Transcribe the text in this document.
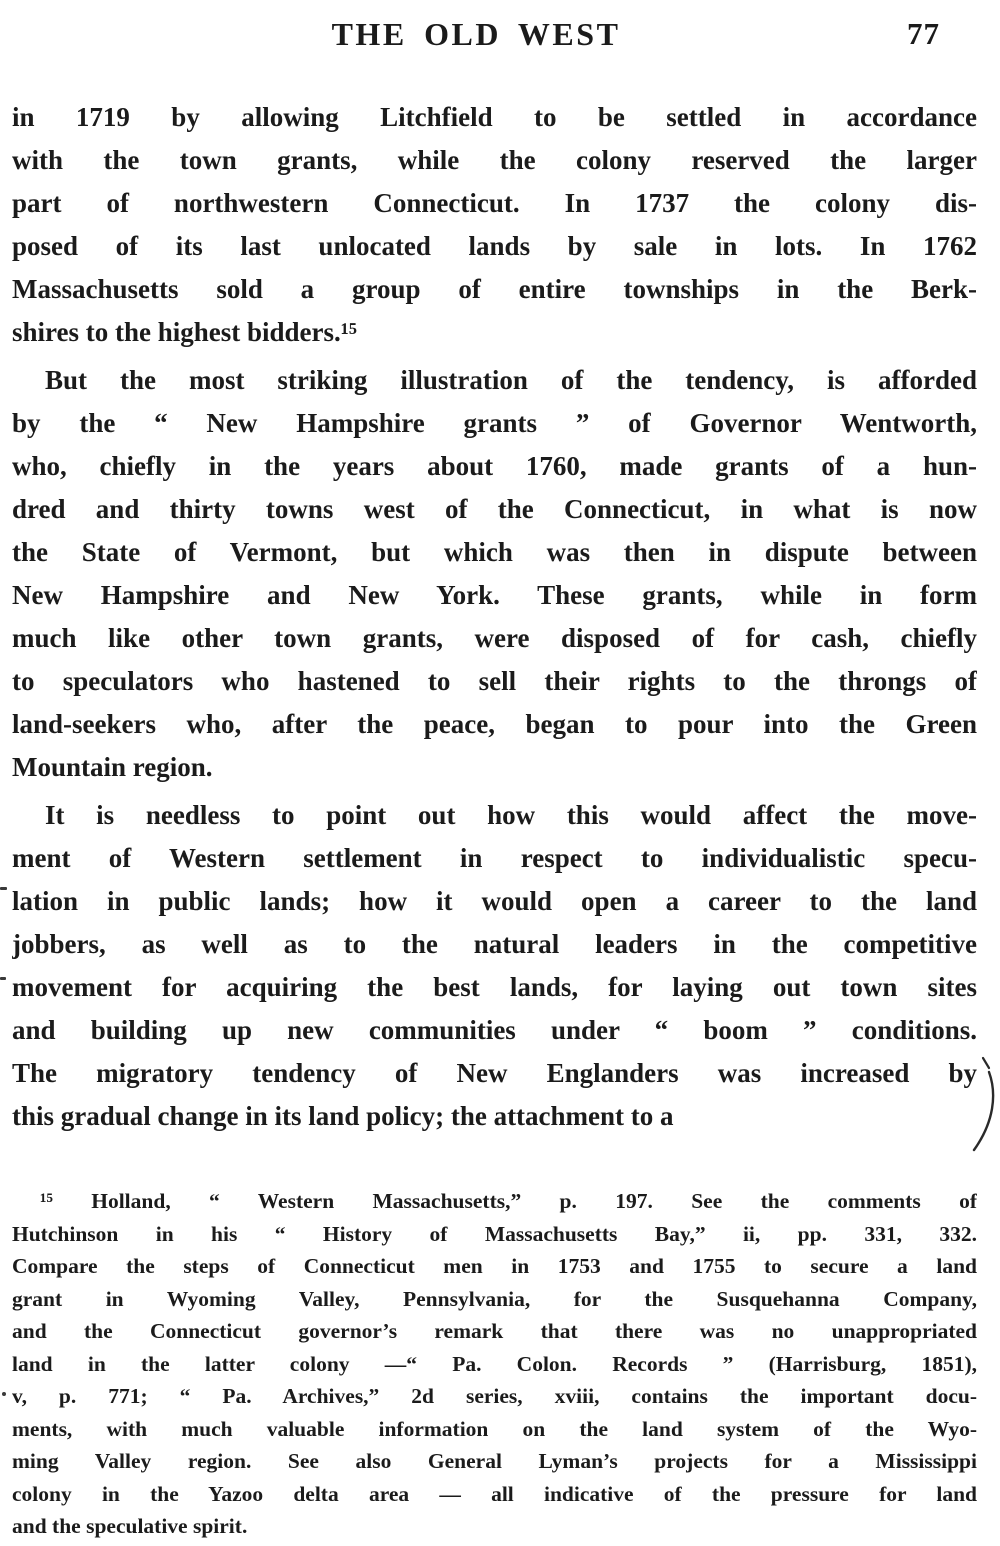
THE OLD WEST	77
in 1719 by allowing Litchfield to be settled in accordance
with the town grants, while the colony reserved the larger
part of northwestern Connecticut. In 1737 the colony dis-
posed of its last unlocated lands by sale in lots. In 1762
Massachusetts sold a group of entire townships in the Berk-
shires to the highest bidders.¹⁵
But the most striking illustration of the tendency, is afforded
by the “ New Hampshire grants ” of Governor Wentworth,
who, chiefly in the years about 1760, made grants of a hun-
dred and thirty towns west of the Connecticut, in what is now
the State of Vermont, but which was then in dispute between
New Hampshire and New York. These grants, while in form
much like other town grants, were disposed of for cash, chiefly
to speculators who hastened to sell their rights to the throngs of
land-seekers who, after the peace, began to pour into the Green
Mountain region.
It is needless to point out how this would affect the move-
ment of Western settlement in respect to individualistic specu-
lation in public lands; how it would open a career to the land
jobbers, as well as to the natural leaders in the competitive
movement for acquiring the best lands, for laying out town sites
and building up new communities under “ boom ” conditions.
The migratory tendency of New Englanders was increased by
this gradual change in its land policy; the attachment to a
¹⁵ Holland, “ Western Massachusetts,” p. 197. See the comments of
Hutchinson in his “ History of Massachusetts Bay,” ii, pp. 331, 332.
Compare the steps of Connecticut men in 1753 and 1755 to secure a land
grant in Wyoming Valley, Pennsylvania, for the Susquehanna Company,
and the Connecticut governor’s remark that there was no unappropriated
land in the latter colony —“ Pa. Colon. Records ” (Harrisburg, 1851),
v, p. 771; “ Pa. Archives,” 2d series, xviii, contains the important docu-
ments, with much valuable information on the land system of the Wyo-
ming Valley region. See also General Lyman’s projects for a Mississippi
colony in the Yazoo delta area — all indicative of the pressure for land
and the speculative spirit.
